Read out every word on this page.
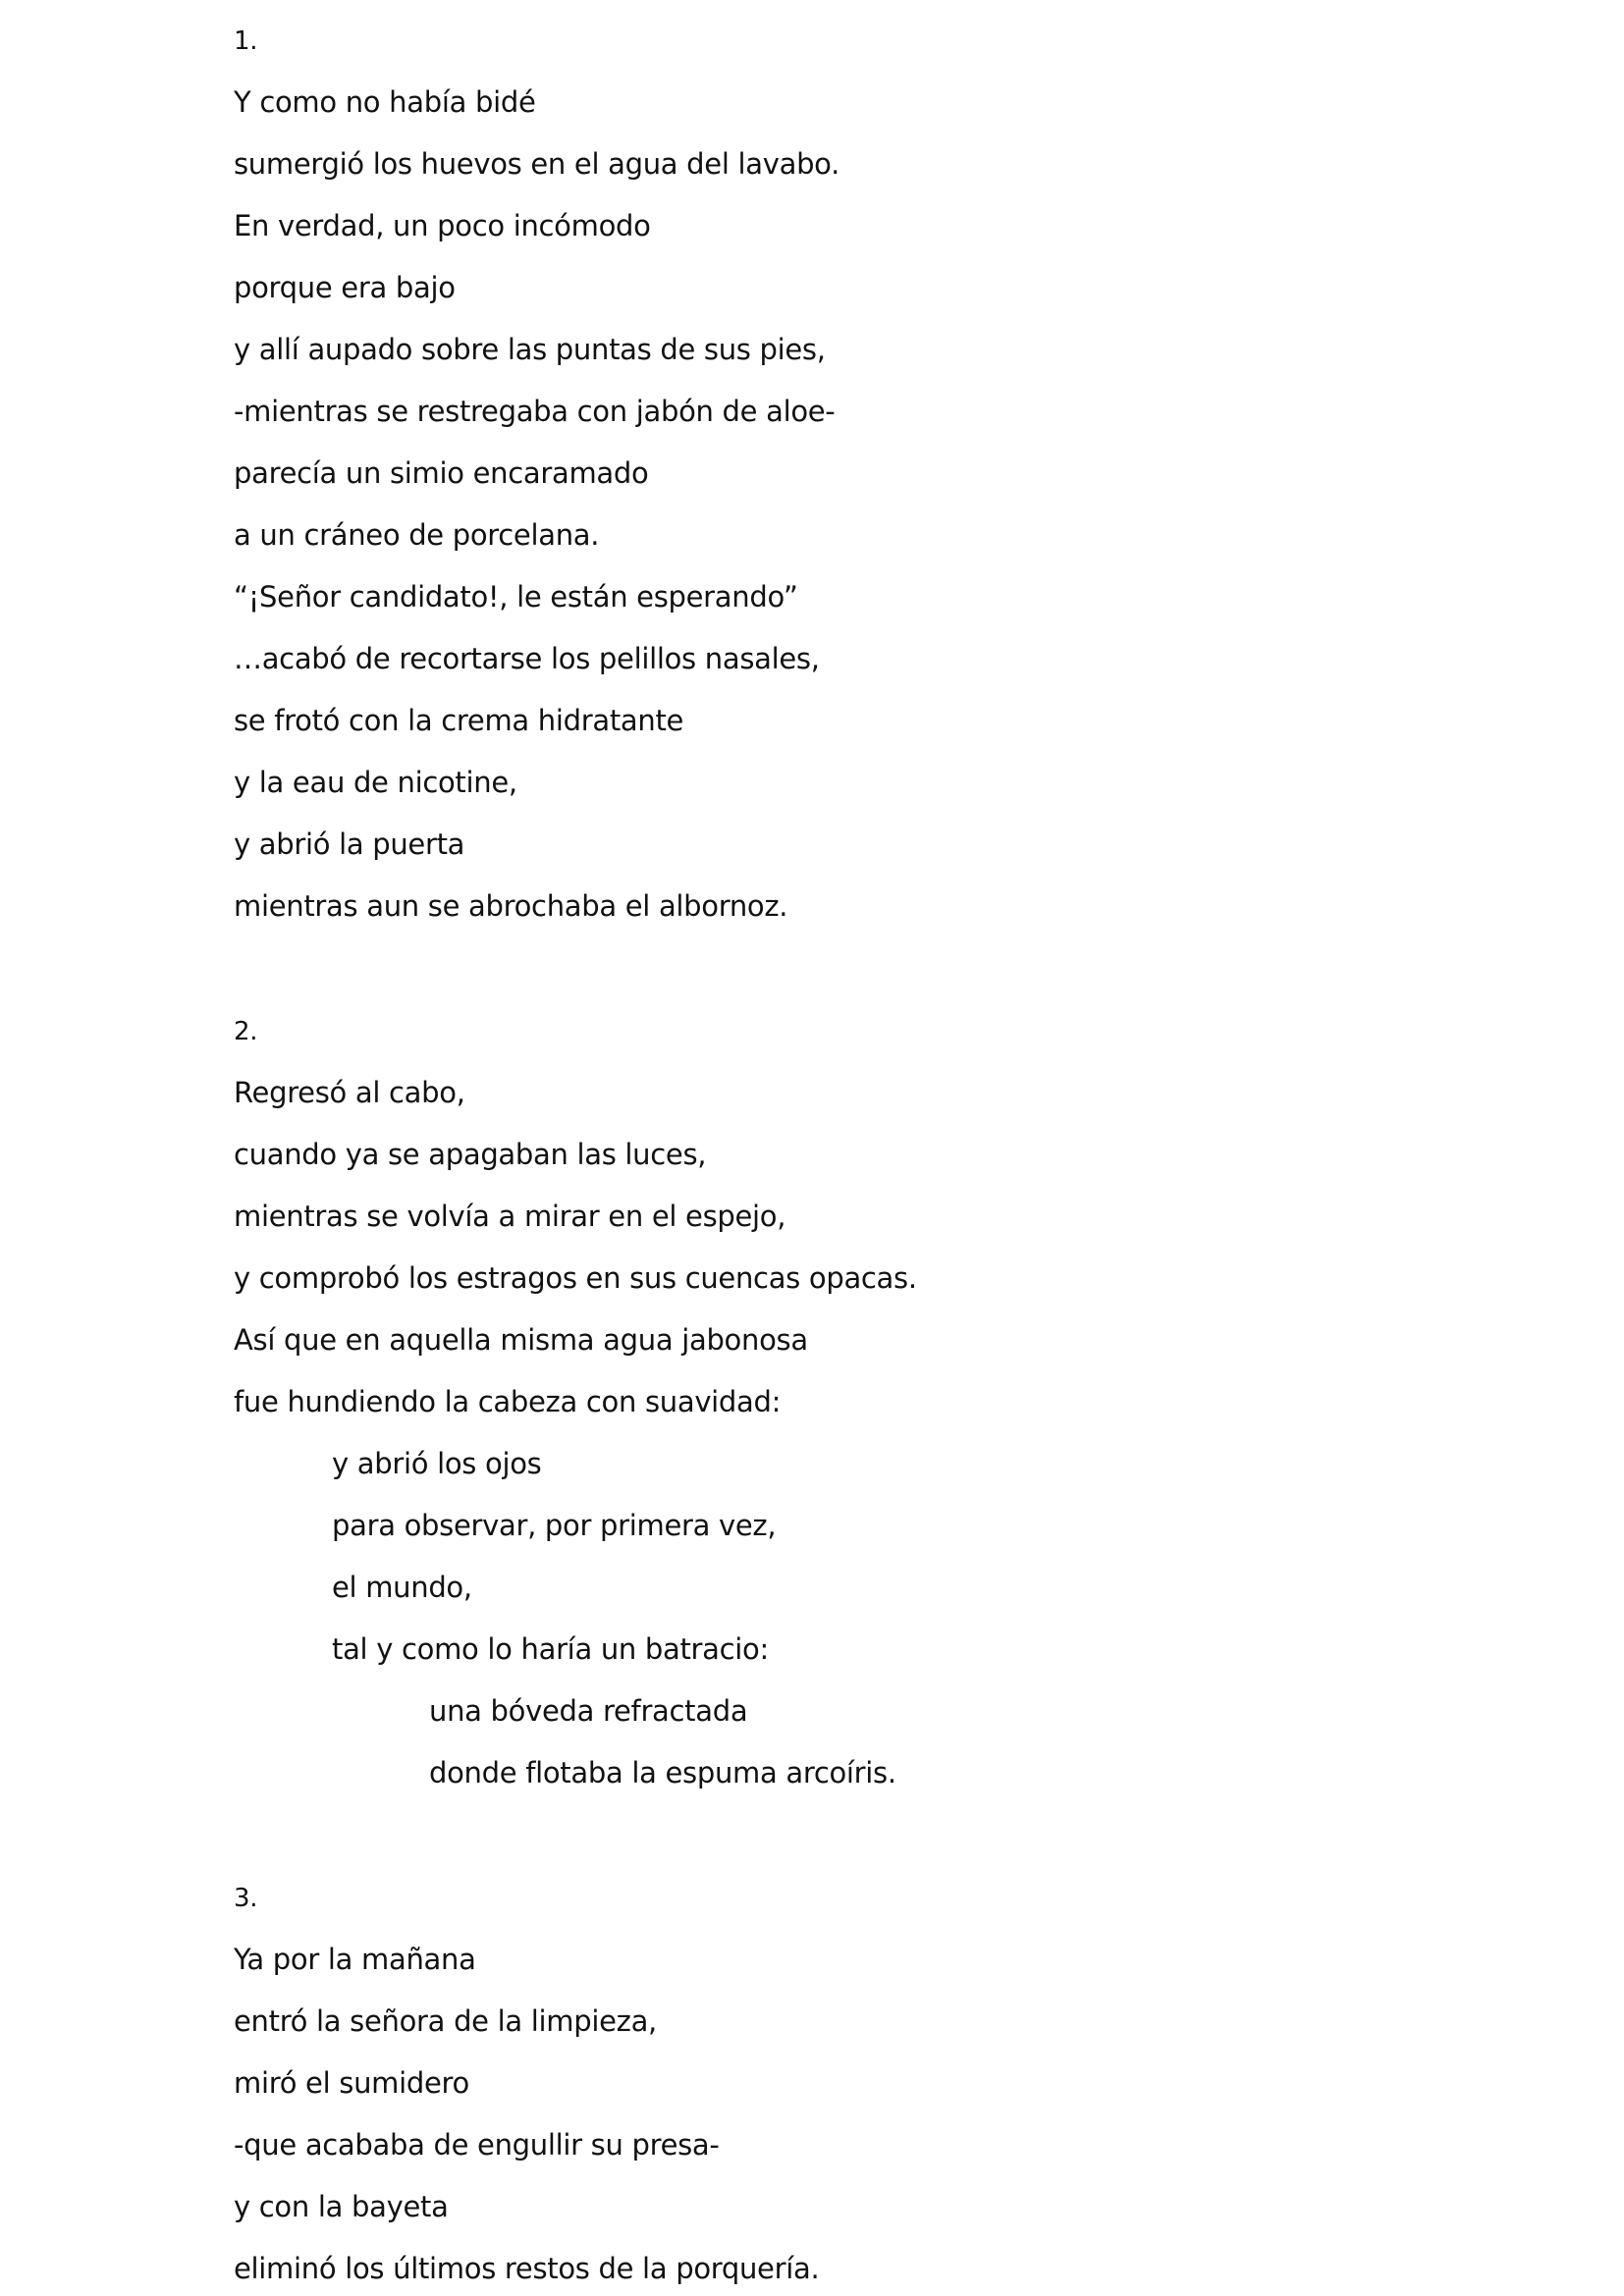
1.
Y como no había bidé
sumergió los huevos en el agua del lavabo.
En verdad, un poco incómodo
porque era bajo
y allí aupado sobre las puntas de sus pies,
-mientras se restregaba con jabón de aloe-
parecía un simio encaramado
a un cráneo de porcelana.
“¡Señor candidato!, le están esperando”
…acabó de recortarse los pelillos nasales,
se frotó con la crema hidratante
y la eau de nicotine,
y abrió la puerta
mientras aun se abrochaba el albornoz.
2.
Regresó al cabo,
cuando ya se apagaban las luces,
mientras se volvía a mirar en el espejo,
y comprobó los estragos en sus cuencas opacas.
Así que en aquella misma agua jabonosa
fue hundiendo la cabeza con suavidad:
y abrió los ojos
para observar, por primera vez,
el mundo,
tal y como lo haría un batracio:
una bóveda refractada
donde flotaba la espuma arcoíris.
3.
Ya por la mañana
entró la señora de la limpieza,
miró el sumidero
-que acababa de engullir su presa-
y con la bayeta
eliminó los últimos restos de la porquería.
